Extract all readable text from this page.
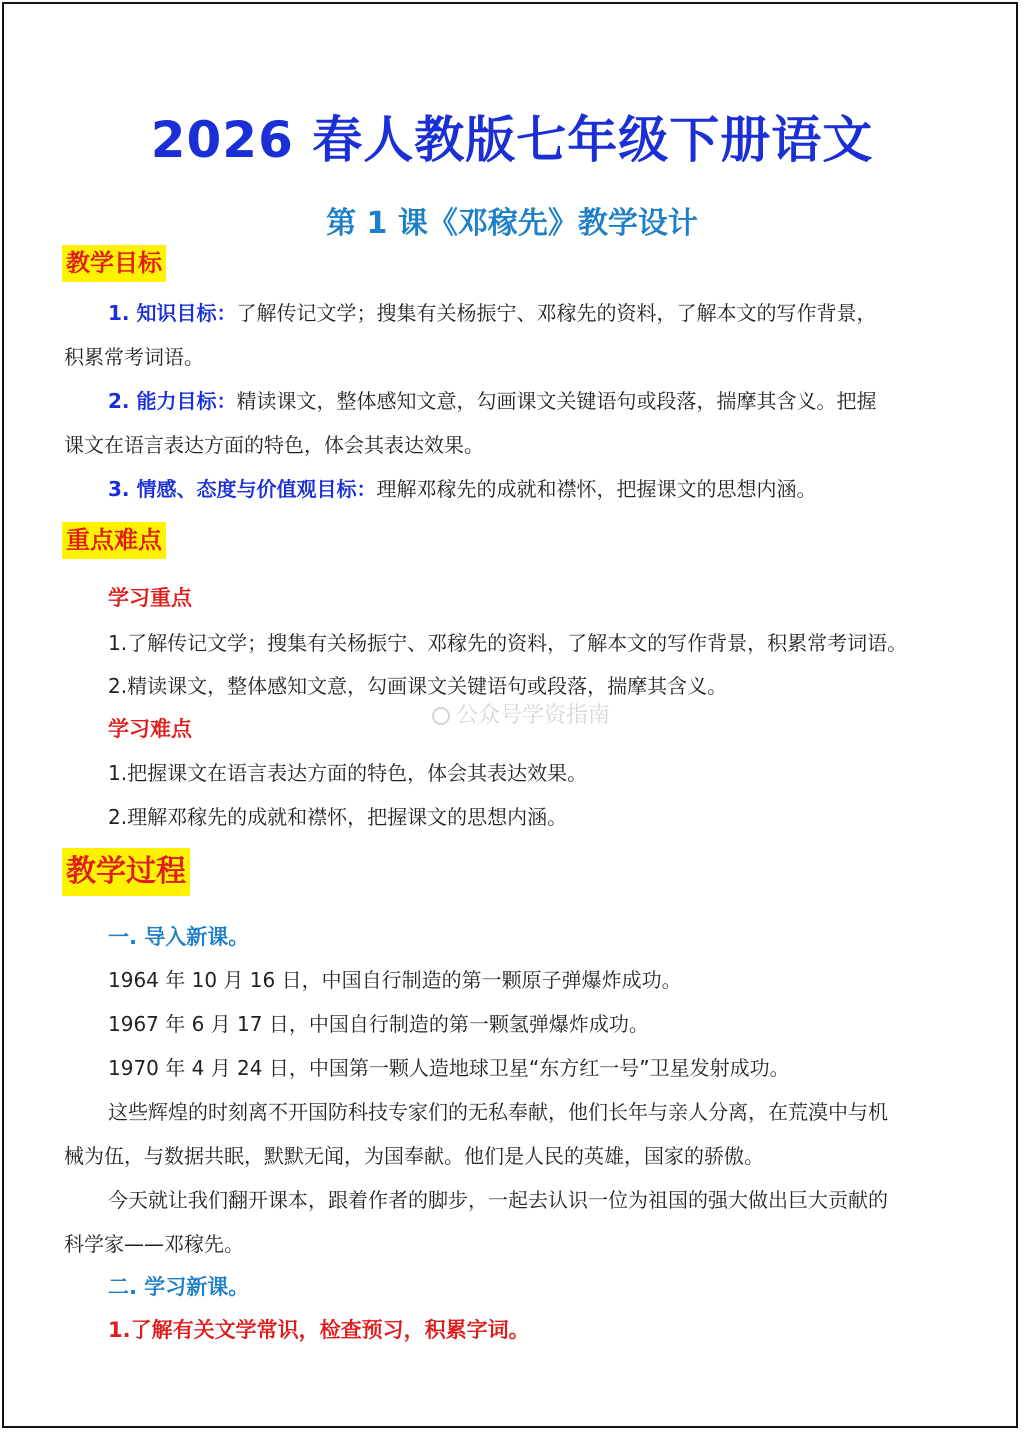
2026 春人教版七年级下册语文
第 1 课《邓稼先》教学设计
教学目标
1. 知识目标：了解传记文学；搜集有关杨振宁、邓稼先的资料，了解本文的写作背景，
积累常考词语。
2. 能力目标：精读课文，整体感知文意，勾画课文关键语句或段落，揣摩其含义。把握
课文在语言表达方面的特色，体会其表达效果。
3. 情感、态度与价值观目标：理解邓稼先的成就和襟怀，把握课文的思想内涵。
重点难点
学习重点
1.了解传记文学；搜集有关杨振宁、邓稼先的资料，了解本文的写作背景，积累常考词语。
2.精读课文，整体感知文意，勾画课文关键语句或段落，揣摩其含义。
学习难点
1.把握课文在语言表达方面的特色，体会其表达效果。
2.理解邓稼先的成就和襟怀，把握课文的思想内涵。
公众号学资指南
教学过程
一. 导入新课。
1964 年 10 月 16 日，中国自行制造的第一颗原子弹爆炸成功。
1967 年 6 月 17 日，中国自行制造的第一颗氢弹爆炸成功。
1970 年 4 月 24 日，中国第一颗人造地球卫星“东方红一号”卫星发射成功。
这些辉煌的时刻离不开国防科技专家们的无私奉献，他们长年与亲人分离，在荒漠中与机
械为伍，与数据共眠，默默无闻，为国奉献。他们是人民的英雄，国家的骄傲。
今天就让我们翻开课本，跟着作者的脚步，一起去认识一位为祖国的强大做出巨大贡献的
科学家——邓稼先。
二. 学习新课。
1.了解有关文学常识，检查预习，积累字词。
